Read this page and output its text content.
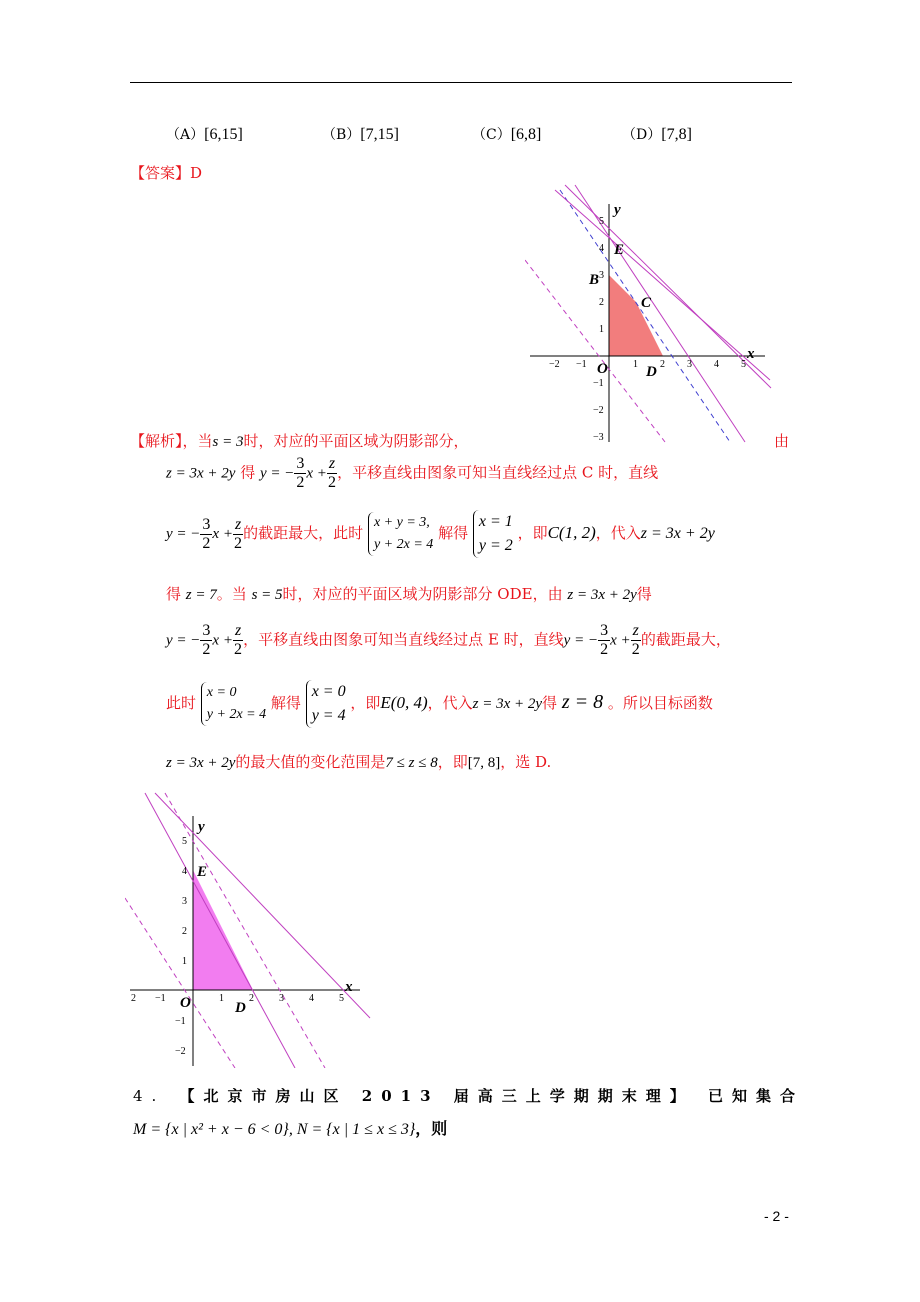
（A）[6,15]	（B）[7,15]	（C）[6,8]	（D）[7,8]
【答案】D
−2 −1	1 2 3 4 5
5
4
3
2
1
−1
−2
−3
y
x
O
B
C
D
E
【解析】，当s = 3时，对应的平面区域为阴影部分，	由
z = 3x + 2y 得 y = − $\frac{3}{2}$ $x + \frac{z}{2}$ ，平移直线由图象可知当直线经过点 C 时，直线
y = − $\frac{3}{2}$ $x + \frac{z}{2}$ 的截距最大，此时 x + y = 3,
y + 2x = 4 解得 x = 1
y = 2 ，即C(1, 2)，代入z = 3x + 2y
得 z = 7。当 s = 5时，对应的平面区域为阴影部分 ODE，由 z = 3x + 2y得
y = − $\frac{3}{2}$ $x + \frac{z}{2}$ ，平移直线由图象可知当直线经过点 E 时，直线y = − $\frac{3}{2}$ $x + \frac{z}{2}$ 的截距最大，
此时 x = 0
y + 2x = 4 解得 x = 0
y = 4 ，即E(0, 4)，代入z = 3x + 2y得 z = 8 。所以目标函数
z = 3x + 2y的最大值的变化范围是7 ≤ z ≤ 8，即[7, 8]，选 D.
2 −1	1	2	3	4	5
5
4
3
2
1
−1
−2
y
x
O	D
E
4. 【北京市房山区 2013 届高三上学期期末理】 已知集合
M = {x | x² + x − 6 < 0}, N = {x | 1 ≤ x ≤ 3}，则
- 2 -
